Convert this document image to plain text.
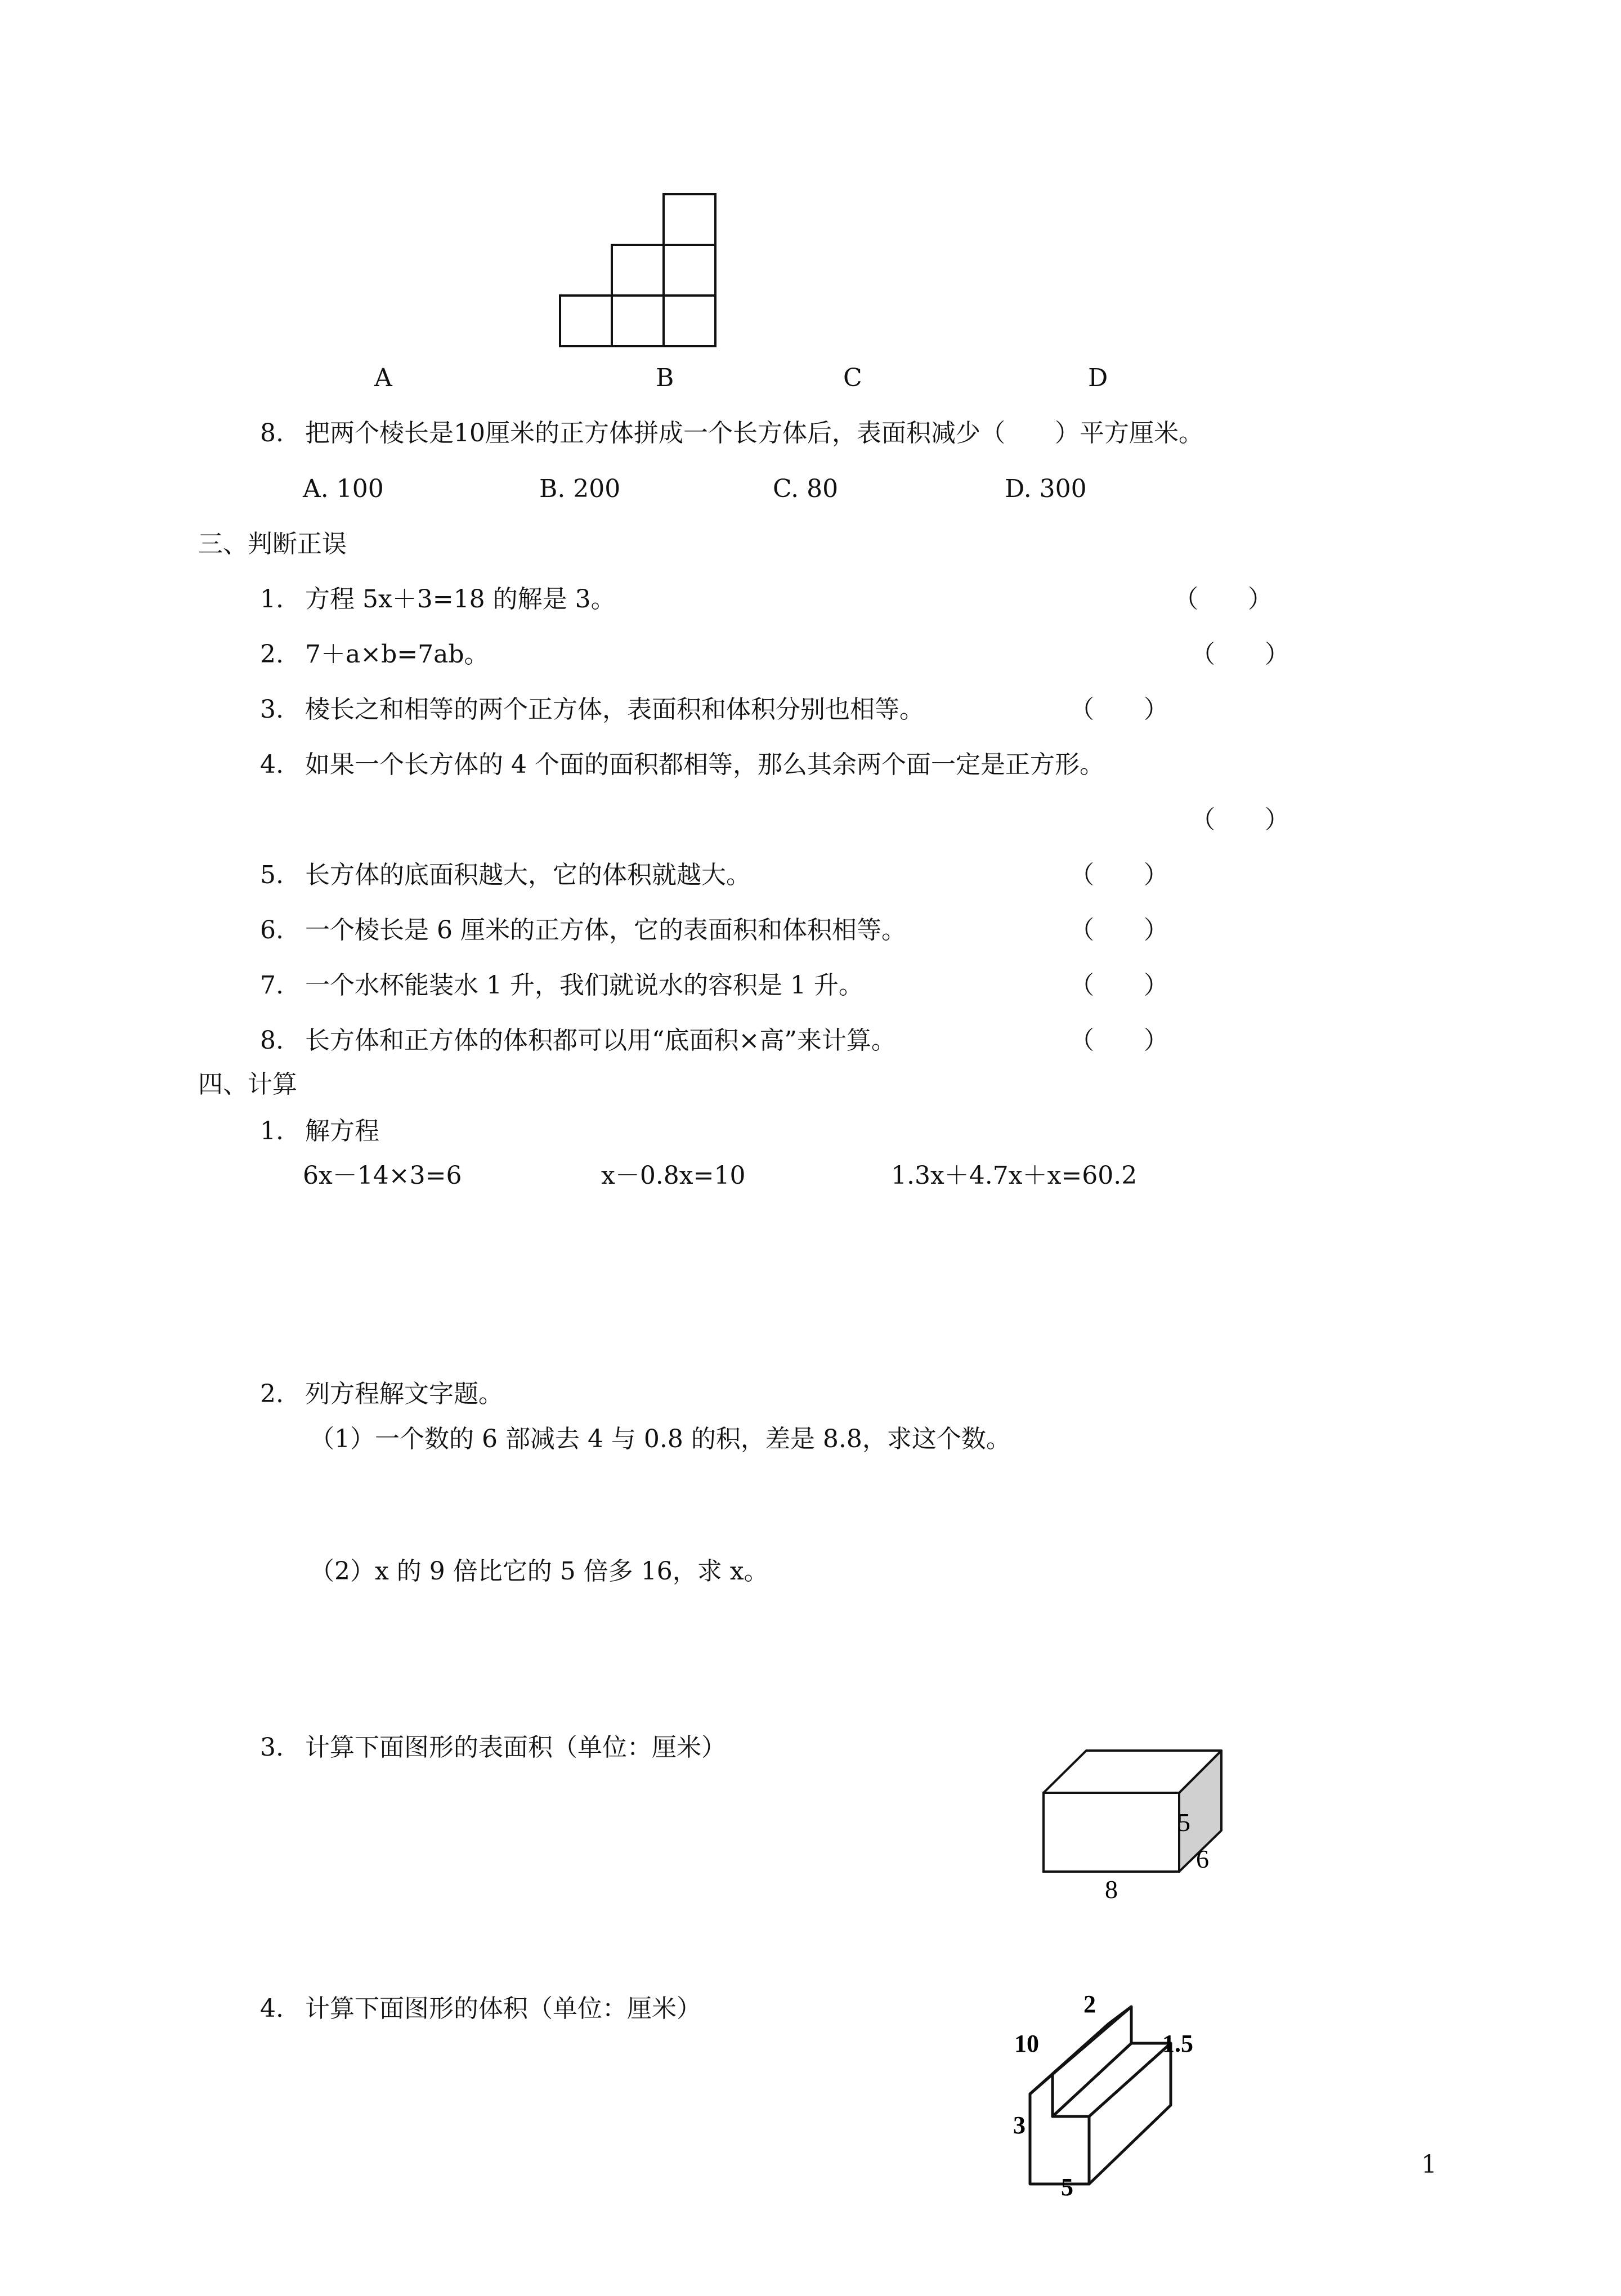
A	B	C	D
8. 把两个棱长是10厘米的正方体拼成一个长方体后，表面积减少（　　）平方厘米。
A. 100	B. 200	C. 80	D. 300
三、判断正误
1. 方程 5x＋3=18 的解是 3。	（　　）
2. 7＋a×b=7ab。	（　　）
3. 棱长之和相等的两个正方体，表面积和体积分别也相等。	（　　）
4. 如果一个长方体的 4 个面的面积都相等，那么其余两个面一定是正方形。
（　　）
5. 长方体的底面积越大，它的体积就越大。	（　　）
6. 一个棱长是 6 厘米的正方体，它的表面积和体积相等。	（　　）
7. 一个水杯能装水 1 升，我们就说水的容积是 1 升。	（　　）
8. 长方体和正方体的体积都可以用“底面积×高”来计算。	（　　）
四、计算
1. 解方程
6x－14×3=6	x－0.8x=10	1.3x＋4.7x＋x=60.2
2. 列方程解文字题。
（1）一个数的 6 部减去 4 与 0.8 的积，差是 8.8，求这个数。
（2）x 的 9 倍比它的 5 倍多 16，求 x。
3. 计算下面图形的表面积（单位：厘米）
5
6
8
4. 计算下面图形的体积（单位：厘米）	2
10	1.5
3
5
1
